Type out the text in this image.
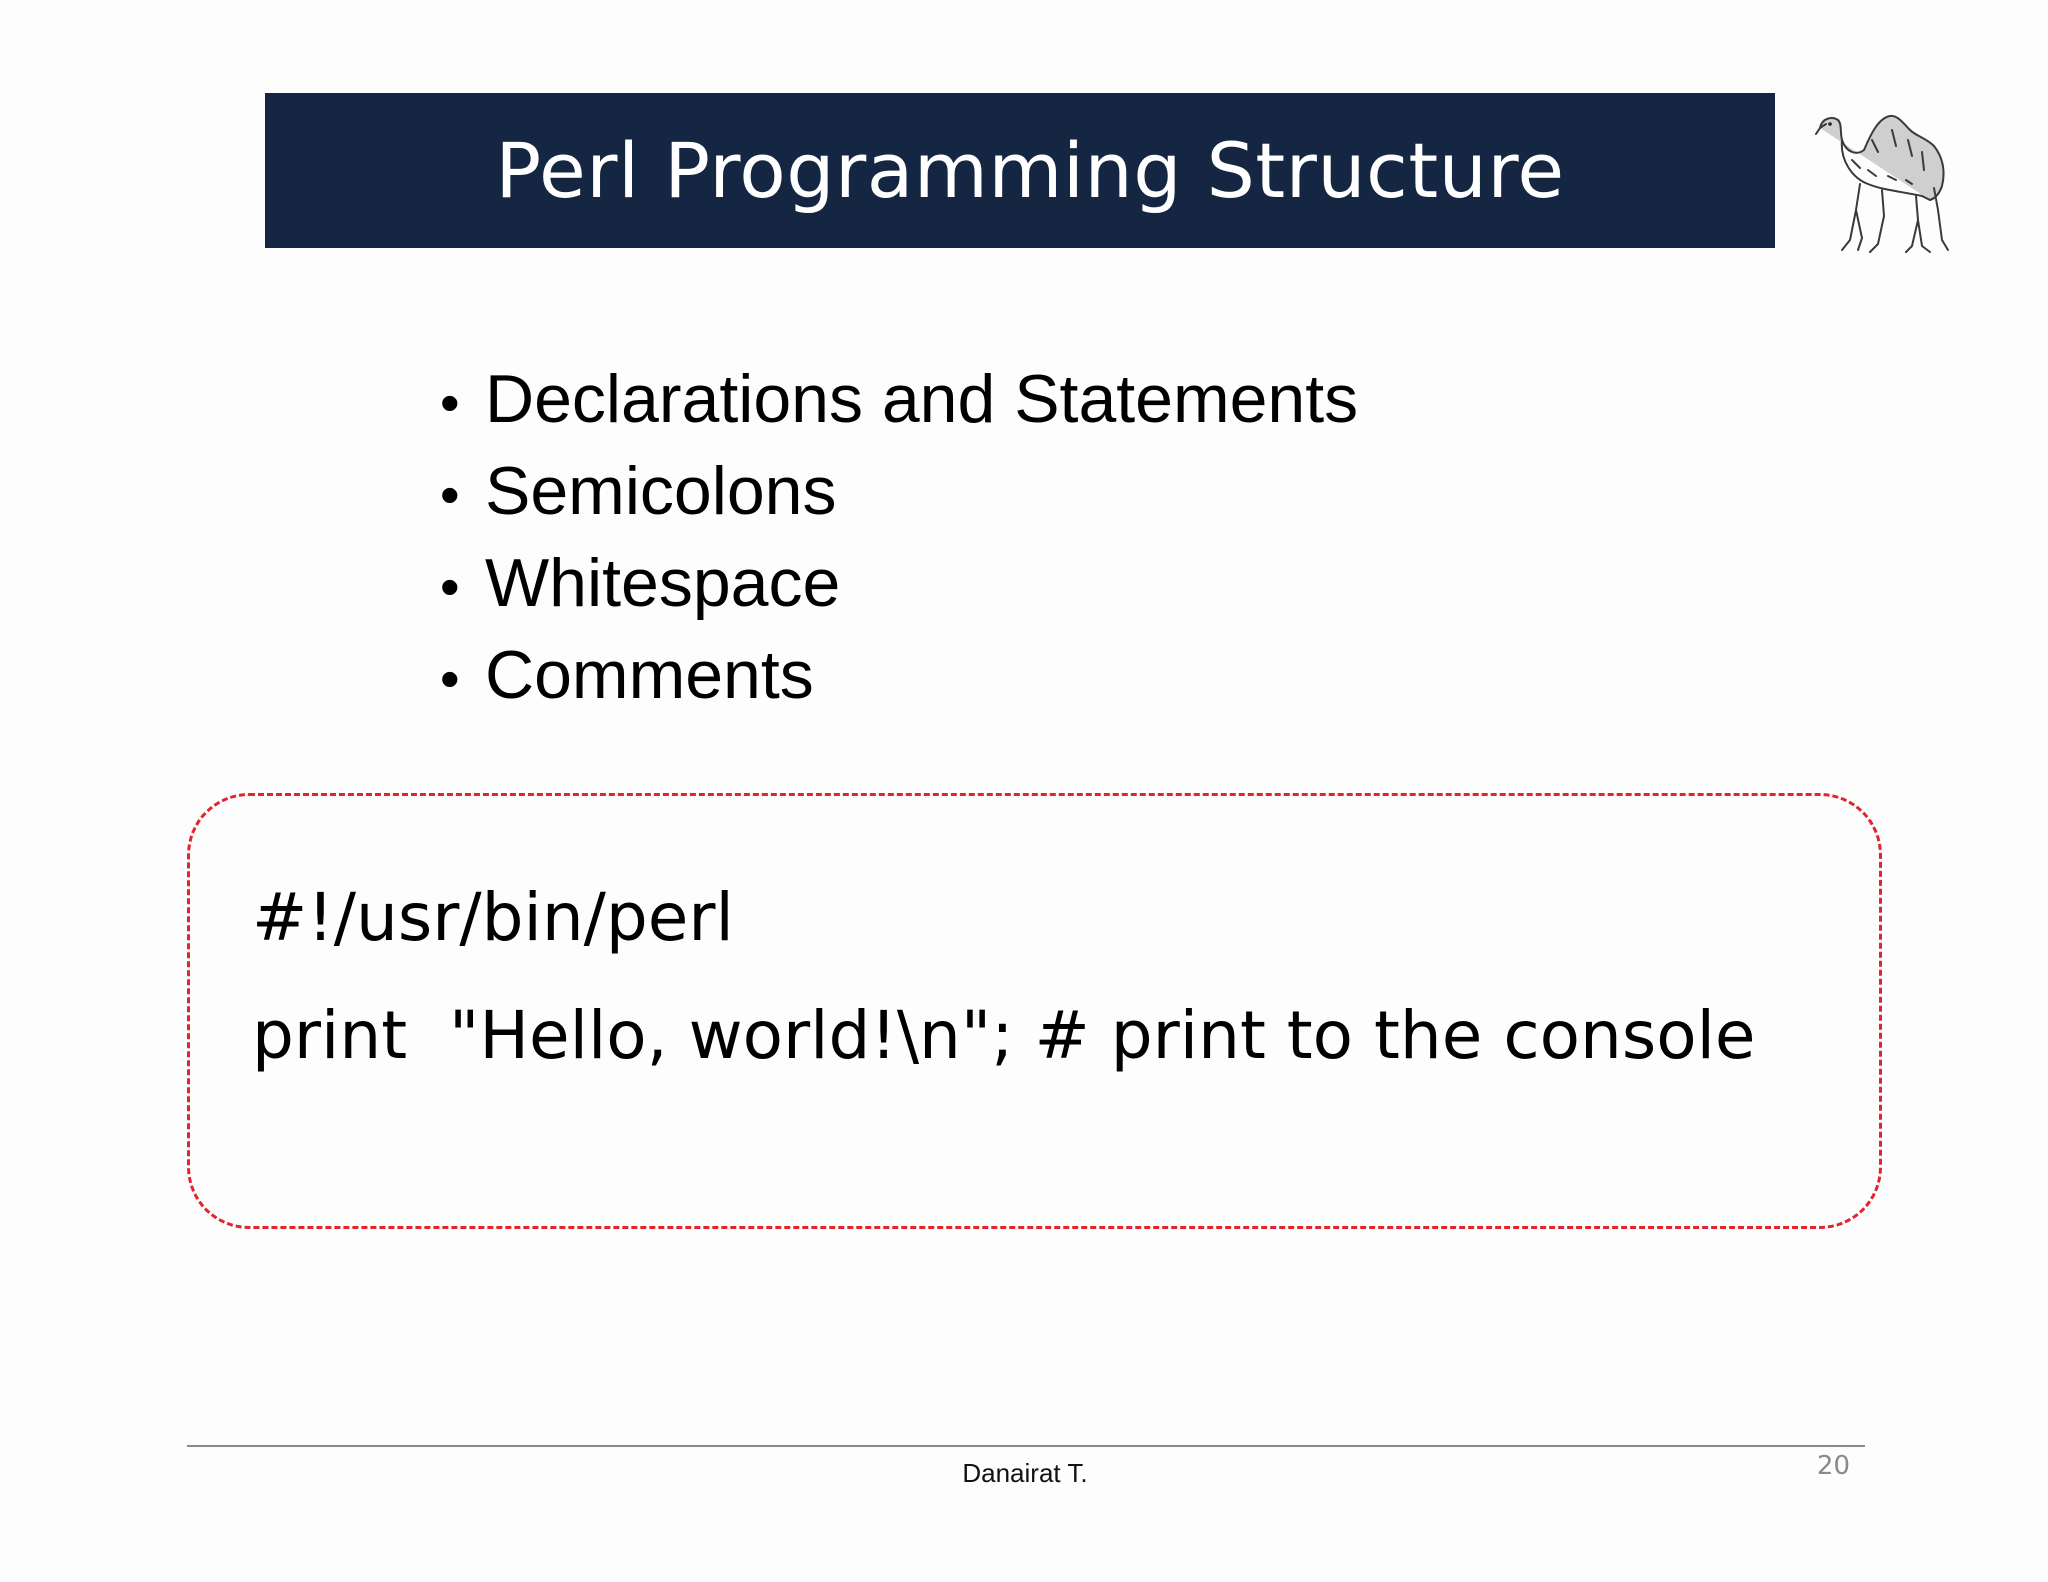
Perl Programming Structure
• Declarations and Statements
• Semicolons
• Whitespace
• Comments
#!/usr/bin/perl
print  "Hello, world!\n"; # print to the console
Danairat T.	20
